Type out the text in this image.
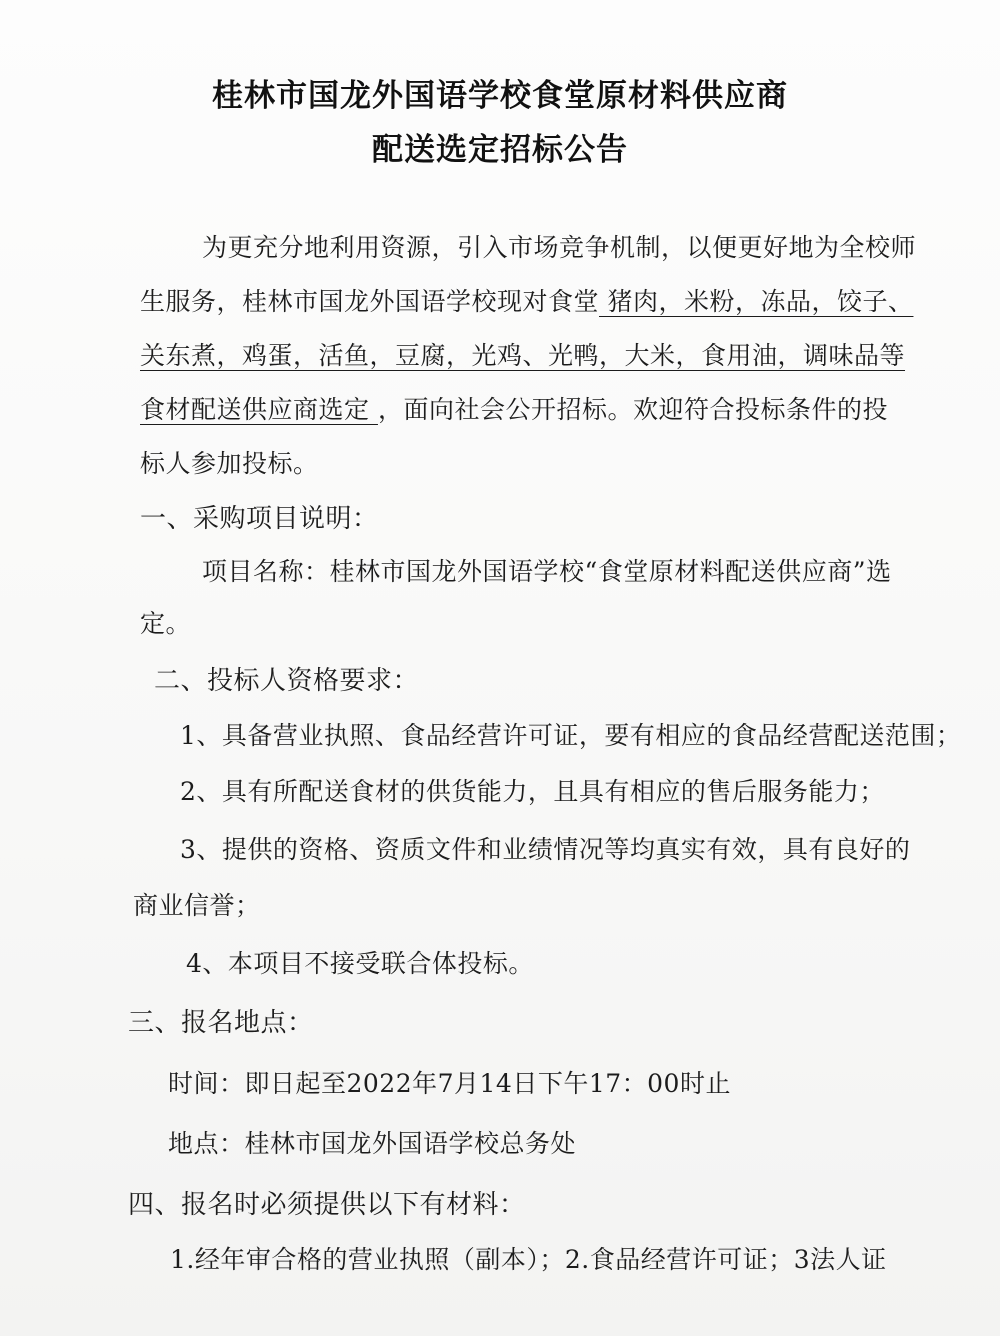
桂林市国龙外国语学校食堂原材料供应商
配送选定招标公告
为更充分地利用资源，引入市场竞争机制，以便更好地为全校师
生服务，桂林市国龙外国语学校现对食堂 猪肉，米粉，冻品，饺子、
关东煮，鸡蛋，活鱼，豆腐，光鸡、光鸭，大米，食用油，调味品等
食材配送供应商选定 ，面向社会公开招标。欢迎符合投标条件的投
标人参加投标。
一、采购项目说明：
项目名称：桂林市国龙外国语学校“食堂原材料配送供应商”选
定。
二、投标人资格要求：
1、具备营业执照、食品经营许可证，要有相应的食品经营配送范围；
2、具有所配送食材的供货能力，且具有相应的售后服务能力；
3、提供的资格、资质文件和业绩情况等均真实有效，具有良好的
商业信誉；
4、本项目不接受联合体投标。
三、报名地点：
时间：即日起至2022年7月14日下午17：00时止
地点：桂林市国龙外国语学校总务处
四、报名时必须提供以下有材料：
1.经年审合格的营业执照（副本）；2.食品经营许可证；3法人证
